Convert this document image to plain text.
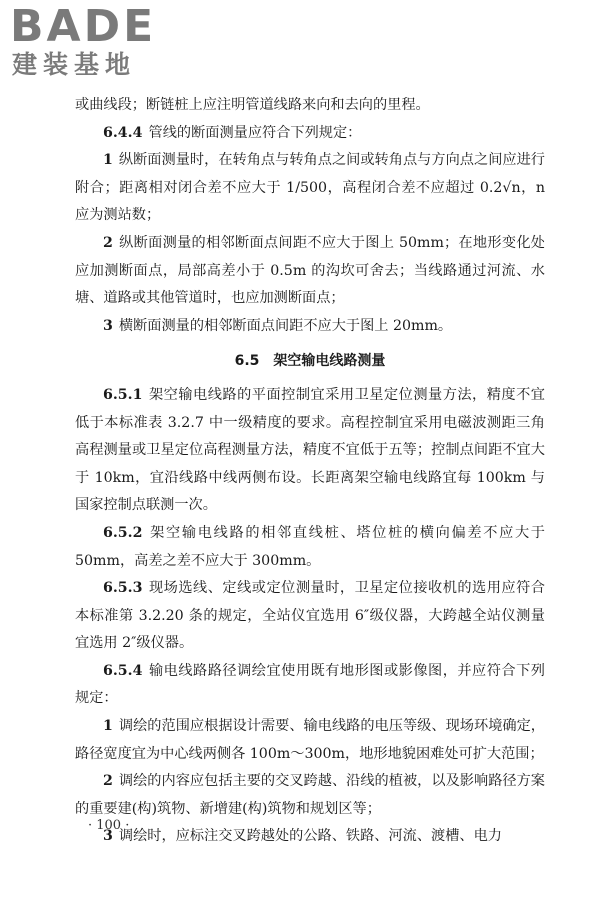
BADE

建装基地

或曲线段；断链桩上应注明管道线路来向和去向的里程。

6.4.4 管线的断面测量应符合下列规定：

1 纵断面测量时，在转角点与转角点之间或转角点与方向点之间应进行附合；距离相对闭合差不应大于 1/500，高程闭合差不应超过 0.2√n，n 应为测站数；

2 纵断面测量的相邻断面点间距不应大于图上 50mm；在地形变化处应加测断面点，局部高差小于 0.5m 的沟坎可舍去；当线路通过河流、水塘、道路或其他管道时，也应加测断面点；

3 横断面测量的相邻断面点间距不应大于图上 20mm。

6.5　架空输电线路测量

6.5.1 架空输电线路的平面控制宜采用卫星定位测量方法，精度不宜低于本标准表 3.2.7 中一级精度的要求。高程控制宜采用电磁波测距三角高程测量或卫星定位高程测量方法，精度不宜低于五等；控制点间距不宜大于 10km，宜沿线路中线两侧布设。长距离架空输电线路宜每 100km 与国家控制点联测一次。

6.5.2 架空输电线路的相邻直线桩、塔位桩的横向偏差不应大于 50mm，高差之差不应大于 300mm。

6.5.3 现场选线、定线或定位测量时，卫星定位接收机的选用应符合本标准第 3.2.20 条的规定，全站仪宜选用 6″级仪器，大跨越全站仪测量宜选用 2″级仪器。

6.5.4 输电线路路径调绘宜使用既有地形图或影像图，并应符合下列规定：

1 调绘的范围应根据设计需要、输电线路的电压等级、现场环境确定，路径宽度宜为中心线两侧各 100m～300m，地形地貌困难处可扩大范围；

2 调绘的内容应包括主要的交叉跨越、沿线的植被，以及影响路径方案的重要建(构)筑物、新增建(构)筑物和规划区等；

3 调绘时，应标注交叉跨越处的公路、铁路、河流、渡槽、电力

· 100 ·
